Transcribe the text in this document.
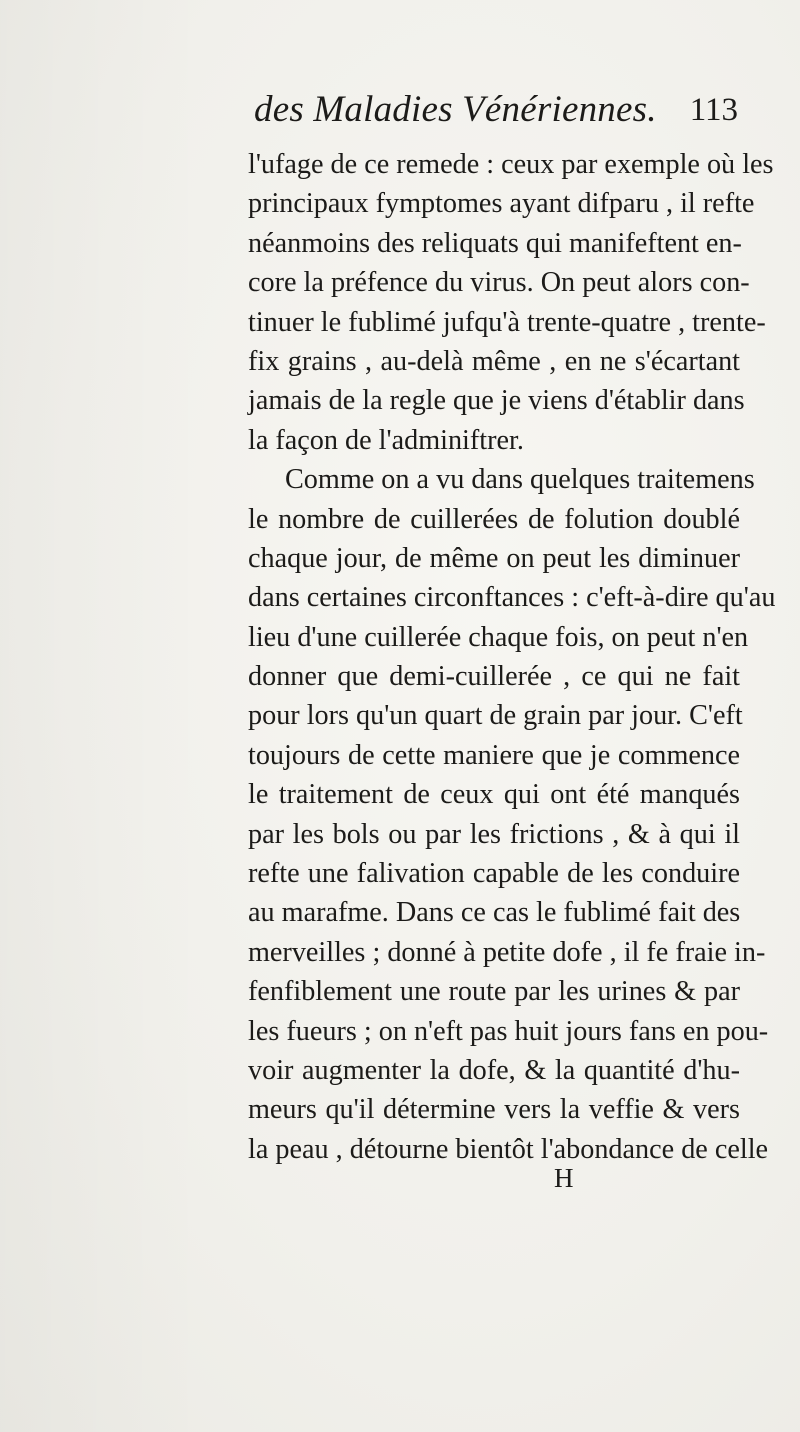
des Maladies Vénériennes. 113
l'ufage de ce remede : ceux par exemple où les
principaux fymptomes ayant difparu , il refte
néanmoins des reliquats qui manifeftent en-
core la préfence du virus. On peut alors con-
tinuer le fublimé jufqu'à trente-quatre , trente-
fix grains , au-delà même , en ne s'écartant
jamais de la regle que je viens d'établir dans
la façon de l'adminiftrer.
Comme on a vu dans quelques traitemens
le nombre de cuillerées de folution doublé
chaque jour, de même on peut les diminuer
dans certaines circonftances : c'eft-à-dire qu'au
lieu d'une cuillerée chaque fois, on peut n'en
donner que demi-cuillerée , ce qui ne fait
pour lors qu'un quart de grain par jour. C'eft
toujours de cette maniere que je commence
le traitement de ceux qui ont été manqués
par les bols ou par les frictions , & à qui il
refte une falivation capable de les conduire
au marafme. Dans ce cas le fublimé fait des
merveilles ; donné à petite dofe , il fe fraie in-
fenfiblement une route par les urines & par
les fueurs ; on n'eft pas huit jours fans en pou-
voir augmenter la dofe, & la quantité d'hu-
meurs qu'il détermine vers la veffie & vers
la peau , détourne bientôt l'abondance de celle
H
